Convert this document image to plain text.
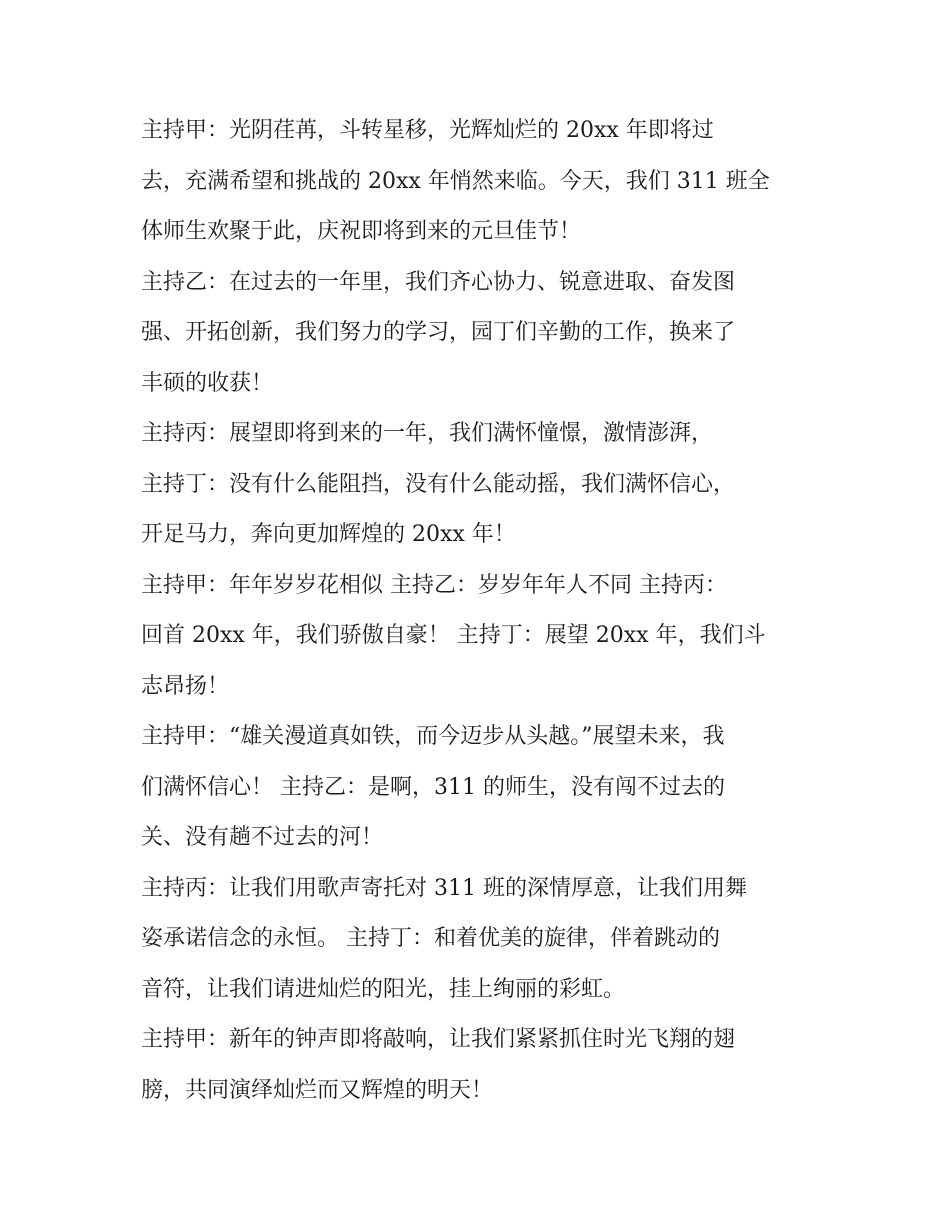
主持甲：光阴荏苒，斗转星移，光辉灿烂的 20xx 年即将过
去，充满希望和挑战的 20xx 年悄然来临。今天，我们 311 班全
体师生欢聚于此，庆祝即将到来的元旦佳节！
主持乙：在过去的一年里，我们齐心协力、锐意进取、奋发图
强、开拓创新，我们努力的学习，园丁们辛勤的工作，换来了
丰硕的收获！
主持丙：展望即将到来的一年，我们满怀憧憬，激情澎湃，
主持丁：没有什么能阻挡，没有什么能动摇，我们满怀信心，
开足马力，奔向更加辉煌的 20xx 年！
主持甲：年年岁岁花相似 主持乙：岁岁年年人不同 主持丙：
回首 20xx 年，我们骄傲自豪！ 主持丁：展望 20xx 年，我们斗
志昂扬！
主持甲：“雄关漫道真如铁，而今迈步从头越。”展望未来，我
们满怀信心！ 主持乙：是啊，311 的师生，没有闯不过去的
关、没有趟不过去的河！
主持丙：让我们用歌声寄托对 311 班的深情厚意，让我们用舞
姿承诺信念的永恒。 主持丁：和着优美的旋律，伴着跳动的
音符，让我们请进灿烂的阳光，挂上绚丽的彩虹。
主持甲：新年的钟声即将敲响，让我们紧紧抓住时光飞翔的翅
膀，共同演绎灿烂而又辉煌的明天！
